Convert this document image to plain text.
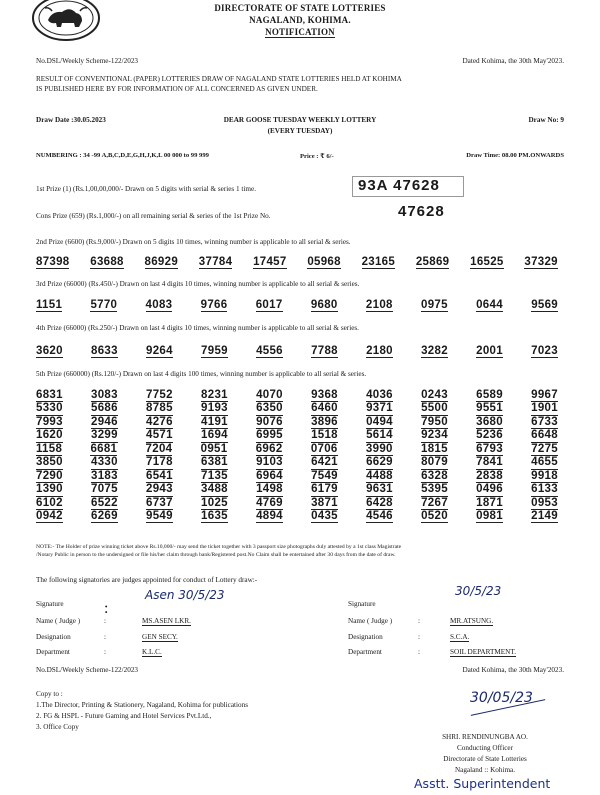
DIRECTORATE OF STATE LOTTERIES
NAGALAND, KOHIMA.
NOTIFICATION
No.DSL/Weekly Scheme-122/2023	Dated Kohima, the 30th May'2023.
RESULT OF CONVENTIONAL (PAPER) LOTTERIES DRAW OF NAGALAND STATE LOTTERIES HELD AT KOHIMA
IS PUBLISHED HERE BY FOR INFORMATION OF ALL CONCERNED AS GIVEN UNDER.
Draw Date :30.05.2023	DEAR GOOSE TUESDAY WEEKLY LOTTERY
(EVERY TUESDAY)
Draw No: 9
NUMBERING : 34 -99 A,B,C,D,E,G,H,J,K,L 00 000 to 99 999	Price : ₹ 6/-	Draw Time: 08.00 PM.ONWARDS
1st Prize (1) (Rs.1,00,00,000/- Drawn on 5 digits with serial & series 1 time.	93A 47628
Cons Prize (659) (Rs.1,000/-) on all remaining serial & series of the 1st Prize No.	47628
2nd Prize (6600) (Rs.9,000/-) Drawn on 5 digits 10 times, winning number is applicable to all serial & series.
87398 63688 86929 37784 17457 05968 23165 25869 16525 37329
3rd Prize (66000) (Rs.450/-) Drawn on last 4 digits 10 times, winning number is applicable to all serial & series.
1151 5770 4083 9766 6017 9680 2108 0975 0644 9569
4th Prize (66000) (Rs.250/-) Drawn on last 4 digits 10 times, winning number is applicable to all serial & series.
3620 8633 9264 7959 4556 7788 2180 3282 2001 7023
5th Prize (660000) (Rs.120/-) Drawn on last 4 digits 100 times, winning number is applicable to all serial & series.
6831 3083 7752 8231 4070 9368 4036 0243 6589 9967
5330 5686 8785 9193 6350 6460 9371 5500 9551 1901
7993 2946 4276 4191 9076 3896 0494 7950 3680 6733
1620 3299 4571 1694 6995 1518 5614 9234 5236 6648
1158 6681 7204 0951 6962 0706 3990 1815 6793 7275
3850 4330 7178 6381 9103 6421 6629 8079 7841 4655
7290 3183 6541 7135 6964 7549 4488 6328 2838 9918
1390 7075 2943 3488 1498 6179 9631 5395 0496 6133
6102 6522 6737 1025 4769 3871 6428 7267 1871 0953
0942 6269 9549 1635 4894 0435 4546 0520 0981 2149
NOTE:- The Holder of prize winning ticket above Rs.10,000/- may send the ticket together with 3 passport size photographs duly attested by a 1st class Magistrate
/Notary Public in person to the undersigned or file his/her claim through bank/Registered post.No Claim shall be entertained after 30 days from the date of draw.
The following signatories are judges appointed for conduct of Lottery draw:-
Signature	:
Asen 30/5/23
Name ( Judge )	:	MS.ASEN LKR.
Designation	:	GEN SECY.
Department	:	K.L.C.
Signature
30/5/23
Name ( Judge )	:	MR.ATSUNG.
Designation	:	S.C.A.
Department	:	SOIL DEPARTMENT.
No.DSL/Weekly Scheme-122/2023	Dated Kohima, the 30th May'2023.
Copy to :
1.The Director, Printing & Stationery, Nagaland, Kohima for publications
2. FG & HSPL - Future Gaming and Hotel Services Pvt.Ltd.,
3. Office Copy
30/05/23
SHRI. RENDINUNGBA AO.
Conducting Officer
Directorate of State Lotteries
Nagaland :: Kohima.
Asstt. Superintendent
